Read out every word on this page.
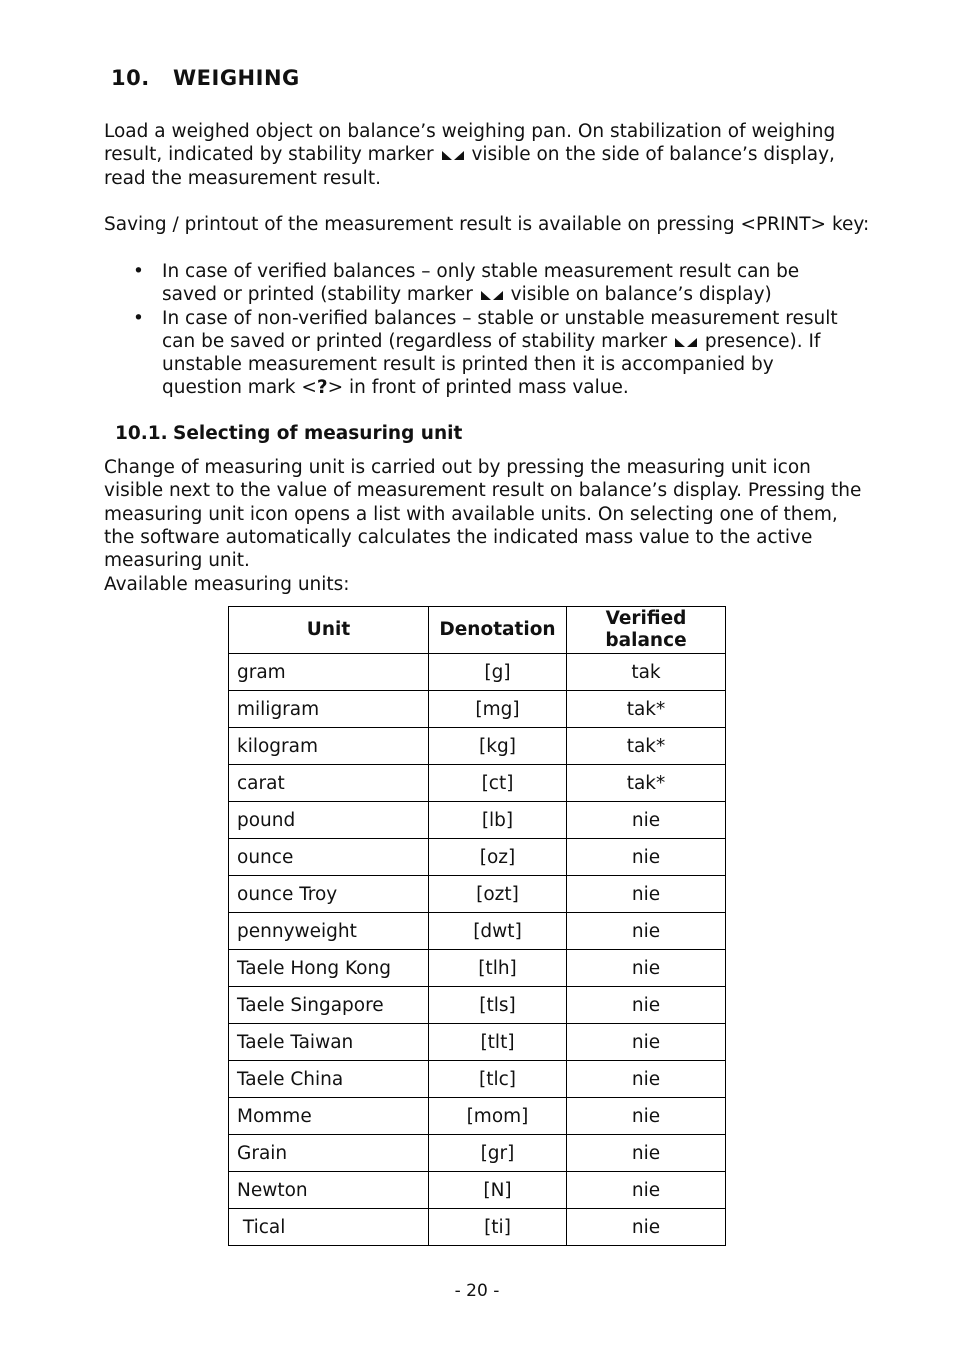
10. WEIGHING

Load a weighed object on balance’s weighing pan. On stabilization of weighing result, indicated by stability marker  visible on the side of balance’s display, read the measurement result.

Saving / printout of the measurement result is available on pressing <PRINT> key:

• In case of verified balances – only stable measurement result can be saved or printed (stability marker  visible on balance’s display)
• In case of non-verified balances – stable or unstable measurement result can be saved or printed (regardless of stability marker  presence). If unstable measurement result is printed then it is accompanied by question mark <?> in front of printed mass value.
10.1. Selecting of measuring unit

Change of measuring unit is carried out by pressing the measuring unit icon visible next to the value of measurement result on balance’s display. Pressing the measuring unit icon opens a list with available units. On selecting one of them, the software automatically calculates the indicated mass value to the active measuring unit.

Available measuring units:

Unit	Denotation	Verified balance
gram	[g]	tak
miligram	[mg]	tak*
kilogram	[kg]	tak*
carat	[ct]	tak*
pound	[lb]	nie
ounce	[oz]	nie
ounce Troy	[ozt]	nie
pennyweight	[dwt]	nie
Taele Hong Kong	[tlh]	nie
Taele Singapore	[tls]	nie
Taele Taiwan	[tlt]	nie
Taele China	[tlc]	nie
Momme	[mom]	nie
Grain	[gr]	nie
Newton	[N]	nie
Tical	[ti]	nie
- 20 -
